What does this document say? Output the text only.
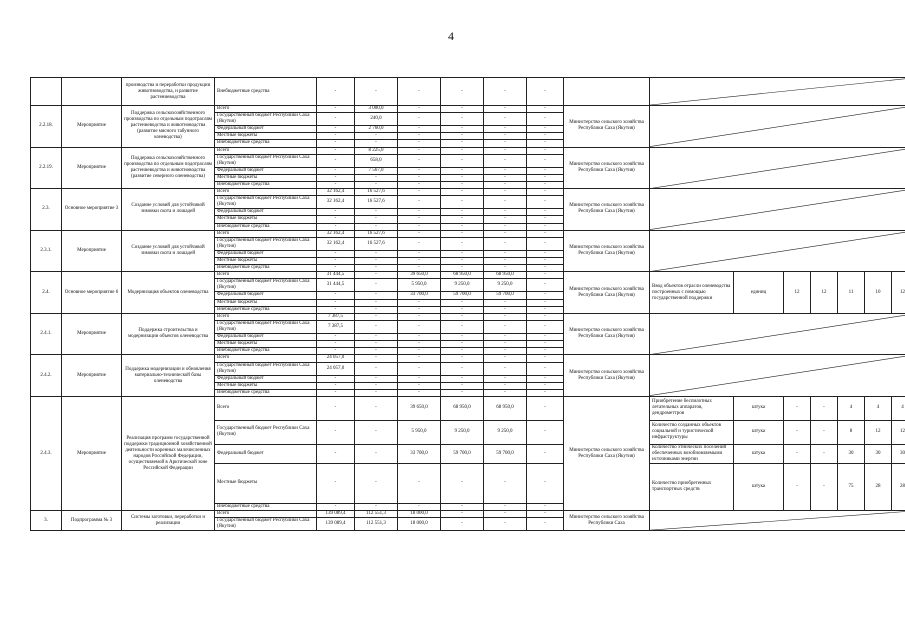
4
		производства и переработки продукции животноводства, и развитие растениеводства	Внебюджетные средства	-	-	-	-	-	-		

2.2.18.	Мероприятие	Поддержка сельскохозяйственного производства по отдельным подотраслям растениеводства и животноводства (развитие мясного табунного коневодства)	Всего	-	3 000,0	-	-	-	-	Министерство сельского хозяйства Республики Саха (Якутия)	

			Государственный бюджет Республики Саха (Якутия)	-	240,0	-	-	-	-								
			Федеральный бюджет	-	2 760,0	-	-	-	-								
			Местные бюджеты	-	-	-	-	-	-								
			Внебюджетные средства	-	-	-	-	-	-								
2.2.19.	Мероприятие	Поддержка сельскохозяйственного производства по отдельным подотраслям растениеводства и животноводства (развитие северного оленеводства)	Всего	-	8 225,0	-	-	-	-	Министерство сельского хозяйства Республики Саха (Якутия)	

			Государственный бюджет Республики Саха (Якутия)	-	658,0	-	-	-	-								
			Федеральный бюджет	-	7 567,0	-	-	-	-								
			Местные бюджеты	-	-	-	-	-	-								
			Внебюджетные средства	-	-	-	-	-	-								
2.3.	Основное мероприятие 3	Создание условий для устойчивой зимовки скота и лошадей	Всего	32 162,4	16 527,6	-	-	-	-	Министерство сельского хозяйства Республики Саха (Якутия)	

			Государственный бюджет Республики Саха (Якутия)	32 162,4	16 527,6	-	-	-	-								
			Федеральный бюджет	-	-	-	-	-	-								
			Местные бюджеты	-	-	-	-	-	-								
			Внебюджетные средства	-	-	-	-	-	-								
2.3.1.	Мероприятие	Создание условий для устойчивой зимовки скота и лошадей	Всего	32 162,4	16 527,6	-	-	-	-	Министерство сельского хозяйства Республики Саха (Якутия)	

			Государственный бюджет Республики Саха (Якутия)	32 162,4	16 527,6	-	-	-	-								
			Федеральный бюджет	-	-	-	-	-	-								
			Местные бюджеты	-	-	-	-	-	-								
			Внебюджетные средства	-	-	-	-	-	-								
2.4.	Основное мероприятие 6	Модернизация объектов оленеводства	Всего	31 444,5	-	39 650,0	68 950,0	68 950,0	-	Министерство сельского хозяйства Республики Саха (Якутия)	Ввод объектов отрасли оленеводства построенных с помощью государственной поддержки	единиц	12	12	11	10	12
			Государственный бюджет Республики Саха (Якутия)	31 444,5	-	5 950,0	9 250,0	9 250,0	-								
			Федеральный бюджет	-	-	33 700,0	59 700,0	59 700,0	-								
			Местные бюджеты	-	-	-	-	-	-								
			Внебюджетные средства	-	-	-	-	-	-								
2.4.1.	Мероприятие	Поддержка строительства и модернизации объектов оленеводства	Всего	7 387,5	-	-	-	-	-	Министерство сельского хозяйства Республики Саха (Якутия)	

			Государственный бюджет Республики Саха (Якутия)	7 387,5	-	-	-	-	-								
			Федеральный бюджет	-	-	-	-	-	-								
			Местные бюджеты	-	-	-	-	-	-								
			Внебюджетные средства	-	-	-	-	-	-								
2.4.2.	Мероприятие	Поддержка модернизации и обновления материально-технической базы оленеводства	Всего	24 057,0	-	-	-	-	-	Министерство сельского хозяйства Республики Саха (Якутия)	

			Государственный бюджет Республики Саха (Якутия)	24 057,0	-	-	-	-	-								
			Федеральный бюджет	-	-	-	-	-	-								
			Местные бюджеты	-	-	-	-	-	-								
			Внебюджетные средства	-	-	-	-	-	-								
2.4.3.	Мероприятие	Реализация программ государственной поддержки традиционной хозяйственной деятельности коренных малочисленных народов Российской Федерации, осуществляемой в Арктической зоне Российской Федерации	Всего	-	-	39 650,0	68 950,0	68 950,0	-	Министерство сельского хозяйства Республики Саха (Якутия)	Приобретение беспилотных летательных аппаратов, дендрометтров	штука	-	-	4	4	4
			Государственный бюджет Республики Саха (Якутия)	-	-	5 950,0	9 250,0	9 250,0	-		Количество созданных объектов социальной и туристической инфраструктуры	штука	-	-	8	12	12
			Федеральный бюджет	-	-	33 700,0	59 700,0	59 700,0	-		Количество этнических поселений обеспеченных возобновляемыми источниками энергии	штука	-	-	30	30	30
			Местные бюджеты	-	-	-	-	-	-		Количество приобретенных транспортных средств	штука	-	-	75	28	28
			Внебюджетные средства	-	-	-	-	-	-								
3.	Подпрограмма № 3	Системы заготовки, переработки и реализации	Всего	139 089,4	112 551,3	18 000,0	-	-	-	Министерство сельского хозяйства Республики Саха	

			Государственный бюджет Республики Саха (Якутия)	139 089,4	112 551,3	18 000,0	-	-	-								
